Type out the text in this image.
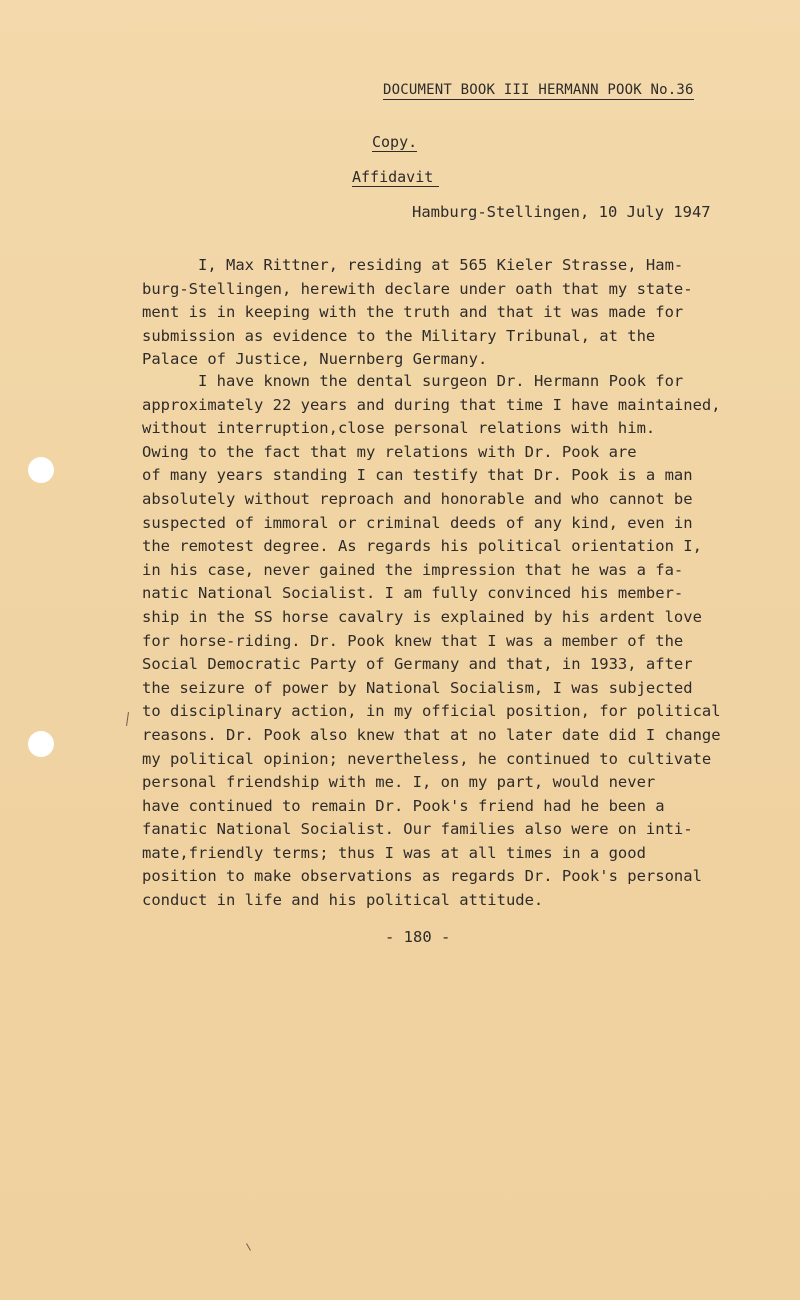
DOCUMENT BOOK III HERMANN POOK No.36
Copy.
Affidavit
Hamburg-Stellingen, 10 July 1947

I, Max Rittner, residing at 565 Kieler Strasse, Ham-
burg-Stellingen, herewith declare under oath that my state-
ment is in keeping with the truth and that it was made for
submission as evidence to the Military Tribunal, at the
Palace of Justice, Nuernberg Germany.

I have known the dental surgeon Dr. Hermann Pook for
approximately 22 years and during that time I have maintained,
without interruption,close personal relations with him.
Owing to the fact that my relations with Dr. Pook are
of many years standing I can testify that Dr. Pook is a man
absolutely without reproach and honorable and who cannot be
suspected of immoral or criminal deeds of any kind, even in
the remotest degree. As regards his political orientation I,
in his case, never gained the impression that he was a fa-
natic National Socialist. I am fully convinced his member-
ship in the SS horse cavalry is explained by his ardent love
for horse-riding. Dr. Pook knew that I was a member of the
Social Democratic Party of Germany and that, in 1933, after
the seizure of power by National Socialism, I was subjected
to disciplinary action, in my official position, for political
reasons. Dr. Pook also knew that at no later date did I change
my political opinion; nevertheless, he continued to cultivate
personal friendship with me. I, on my part, would never
have continued to remain Dr. Pook's friend had he been a
fanatic National Socialist. Our families also were on inti-
mate,friendly terms; thus I was at all times in a good
position to make observations as regards Dr. Pook's personal
conduct in life and his political attitude.

- 180 -
